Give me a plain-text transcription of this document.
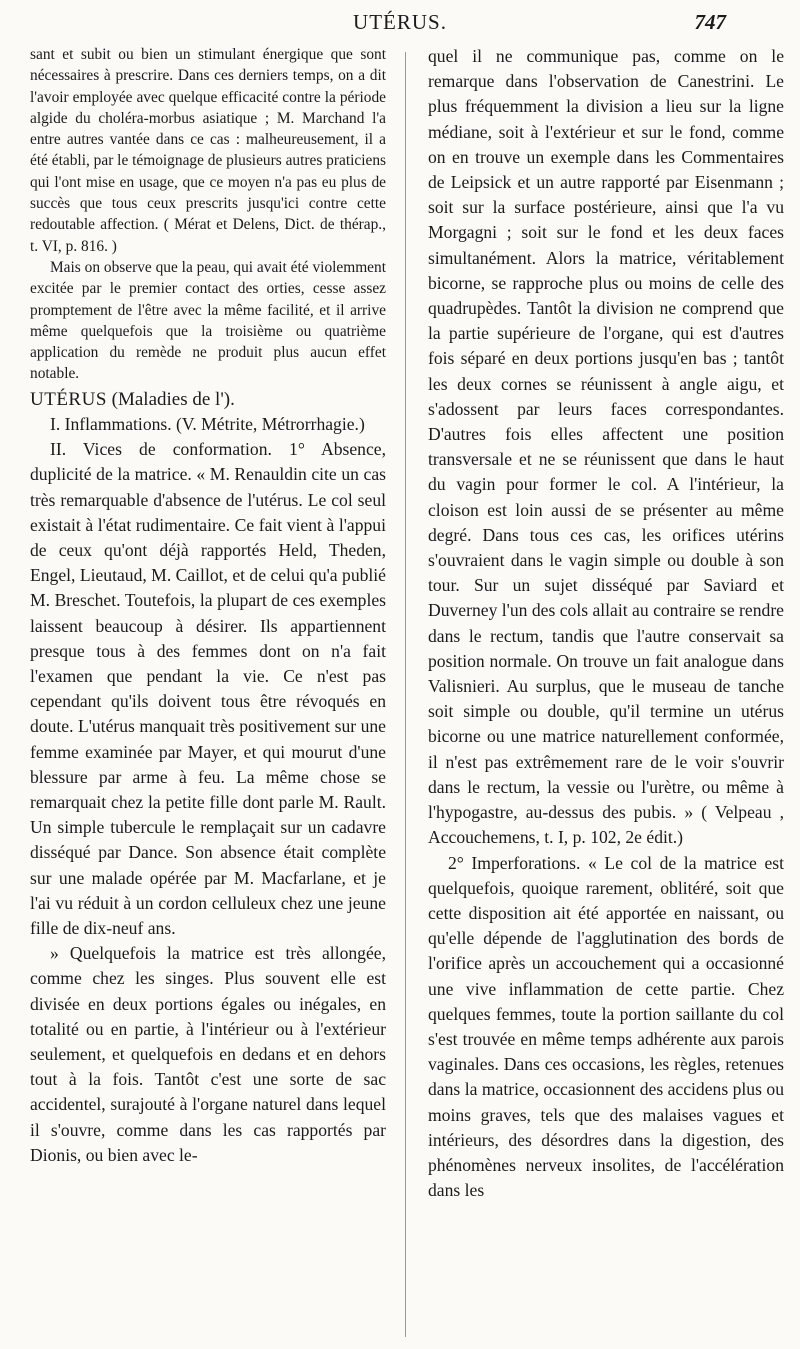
UTÉRUS.	747

sant et subit ou bien un stimulant énergique que sont nécessaires à prescrire. Dans ces derniers temps, on a dit l'avoir employée avec quelque efficacité contre la période algide du choléra-morbus asiatique ; M. Marchand l'a entre autres vantée dans ce cas : malheureusement, il a été établi, par le témoignage de plusieurs autres praticiens qui l'ont mise en usage, que ce moyen n'a pas eu plus de succès que tous ceux prescrits jusqu'ici contre cette redoutable affection. ( Mérat et Delens, Dict. de thérap., t. VI, p. 816. )

Mais on observe que la peau, qui avait été violemment excitée par le premier contact des orties, cesse assez promptement de l'être avec la même facilité, et il arrive même quelquefois que la troisième ou quatrième application du remède ne produit plus aucun effet notable.

UTÉRUS (Maladies de l').

I. Inflammations. (V. Métrite, Métrorrhagie.)

II. Vices de conformation. 1° Absence, duplicité de la matrice. « M. Renauldin cite un cas très remarquable d'absence de l'utérus. Le col seul existait à l'état rudimentaire. Ce fait vient à l'appui de ceux qu'ont déjà rapportés Held, Theden, Engel, Lieutaud, M. Caillot, et de celui qu'a publié M. Breschet. Toutefois, la plupart de ces exemples laissent beaucoup à désirer. Ils appartiennent presque tous à des femmes dont on n'a fait l'examen que pendant la vie. Ce n'est pas cependant qu'ils doivent tous être révoqués en doute. L'utérus manquait très positivement sur une femme examinée par Mayer, et qui mourut d'une blessure par arme à feu. La même chose se remarquait chez la petite fille dont parle M. Rault. Un simple tubercule le remplaçait sur un cadavre disséqué par Dance. Son absence était complète sur une malade opérée par M. Macfarlane, et je l'ai vu réduit à un cordon celluleux chez une jeune fille de dix-neuf ans.

» Quelquefois la matrice est très allongée, comme chez les singes. Plus souvent elle est divisée en deux portions égales ou inégales, en totalité ou en partie, à l'intérieur ou à l'extérieur seulement, et quelquefois en dedans et en dehors tout à la fois. Tantôt c'est une sorte de sac accidentel, surajouté à l'organe naturel dans lequel il s'ouvre, comme dans les cas rapportés par Dionis, ou bien avec le-

quel il ne communique pas, comme on le remarque dans l'observation de Canestrini. Le plus fréquemment la division a lieu sur la ligne médiane, soit à l'extérieur et sur le fond, comme on en trouve un exemple dans les Commentaires de Leipsick et un autre rapporté par Eisenmann ; soit sur la surface postérieure, ainsi que l'a vu Morgagni ; soit sur le fond et les deux faces simultanément. Alors la matrice, véritablement bicorne, se rapproche plus ou moins de celle des quadrupèdes. Tantôt la division ne comprend que la partie supérieure de l'organe, qui est d'autres fois séparé en deux portions jusqu'en bas ; tantôt les deux cornes se réunissent à angle aigu, et s'adossent par leurs faces correspondantes. D'autres fois elles affectent une position transversale et ne se réunissent que dans le haut du vagin pour former le col. A l'intérieur, la cloison est loin aussi de se présenter au même degré. Dans tous ces cas, les orifices utérins s'ouvraient dans le vagin simple ou double à son tour. Sur un sujet disséqué par Saviard et Duverney l'un des cols allait au contraire se rendre dans le rectum, tandis que l'autre conservait sa position normale. On trouve un fait analogue dans Valisnieri. Au surplus, que le museau de tanche soit simple ou double, qu'il termine un utérus bicorne ou une matrice naturellement conformée, il n'est pas extrêmement rare de le voir s'ouvrir dans le rectum, la vessie ou l'urètre, ou même à l'hypogastre, au-dessus des pubis. » ( Velpeau , Accouchemens, t. I, p. 102, 2e édit.)

2° Imperforations. « Le col de la matrice est quelquefois, quoique rarement, oblitéré, soit que cette disposition ait été apportée en naissant, ou qu'elle dépende de l'agglutination des bords de l'orifice après un accouchement qui a occasionné une vive inflammation de cette partie. Chez quelques femmes, toute la portion saillante du col s'est trouvée en même temps adhérente aux parois vaginales. Dans ces occasions, les règles, retenues dans la matrice, occasionnent des accidens plus ou moins graves, tels que des malaises vagues et intérieurs, des désordres dans la digestion, des phénomènes nerveux insolites, de l'accélération dans les
